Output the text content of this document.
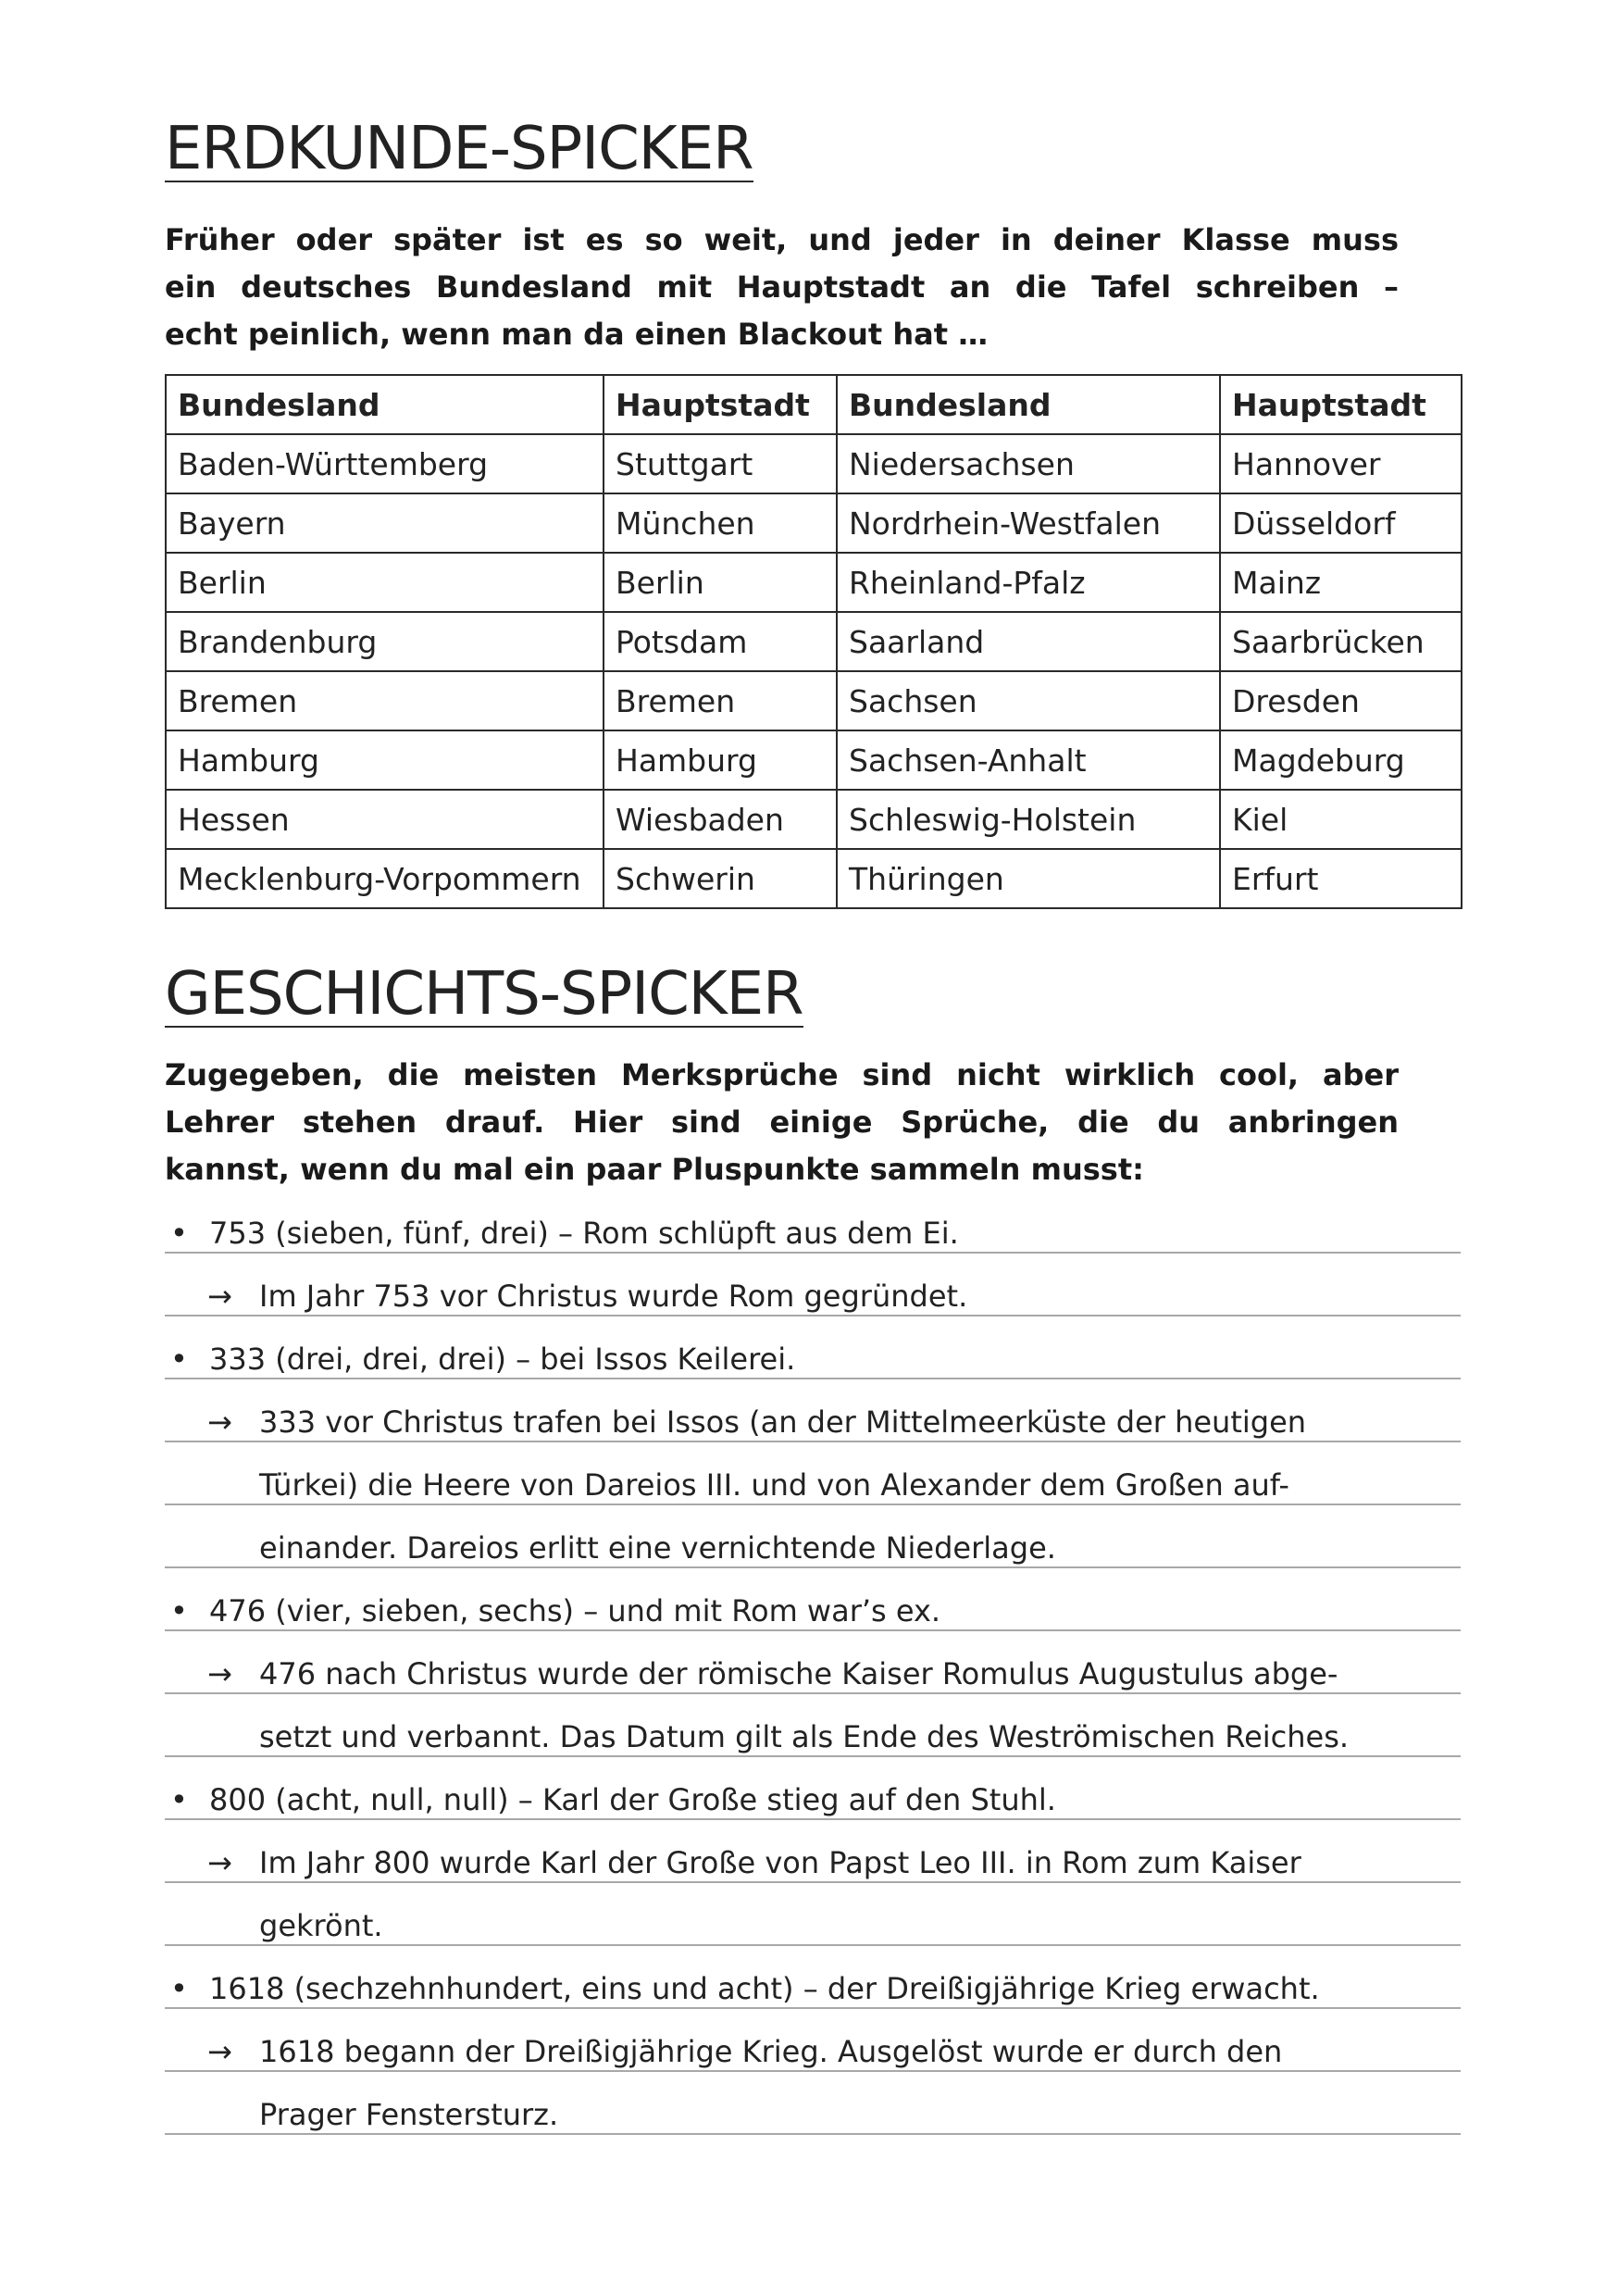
ERDKUNDE-SPICKER
Früher oder später ist es so weit, und jeder in deiner Klasse muss
ein deutsches Bundesland mit Hauptstadt an die Tafel schreiben –
echt peinlich, wenn man da einen Blackout hat …
Bundesland	Hauptstadt	Bundesland	Hauptstadt
Baden-Württemberg	Stuttgart	Niedersachsen	Hannover
Bayern	München	Nordrhein-Westfalen	Düsseldorf
Berlin	Berlin	Rheinland-Pfalz	Mainz
Brandenburg	Potsdam	Saarland	Saarbrücken
Bremen	Bremen	Sachsen	Dresden
Hamburg	Hamburg	Sachsen-Anhalt	Magdeburg
Hessen	Wiesbaden	Schleswig-Holstein	Kiel
Mecklenburg-Vorpommern	Schwerin	Thüringen	Erfurt
GESCHICHTS-SPICKER
Zugegeben, die meisten Merksprüche sind nicht wirklich cool, aber
Lehrer stehen drauf. Hier sind einige Sprüche, die du anbringen
kannst, wenn du mal ein paar Pluspunkte sammeln musst:
• 753 (sieben, fünf, drei) – Rom schlüpft aus dem Ei.
→ Im Jahr 753 vor Christus wurde Rom gegründet.
• 333 (drei, drei, drei) – bei Issos Keilerei.
→ 333 vor Christus trafen bei Issos (an der Mittelmeerküste der heutigen
Türkei) die Heere von Dareios III. und von Alexander dem Großen auf-
einander. Dareios erlitt eine vernichtende Niederlage.
• 476 (vier, sieben, sechs) – und mit Rom war’s ex.
→ 476 nach Christus wurde der römische Kaiser Romulus Augustulus abge-
setzt und verbannt. Das Datum gilt als Ende des Weströmischen Reiches.
• 800 (acht, null, null) – Karl der Große stieg auf den Stuhl.
→ Im Jahr 800 wurde Karl der Große von Papst Leo III. in Rom zum Kaiser
gekrönt.
• 1618 (sechzehnhundert, eins und acht) – der Dreißigjährige Krieg erwacht.
→ 1618 begann der Dreißigjährige Krieg. Ausgelöst wurde er durch den
Prager Fenstersturz.
